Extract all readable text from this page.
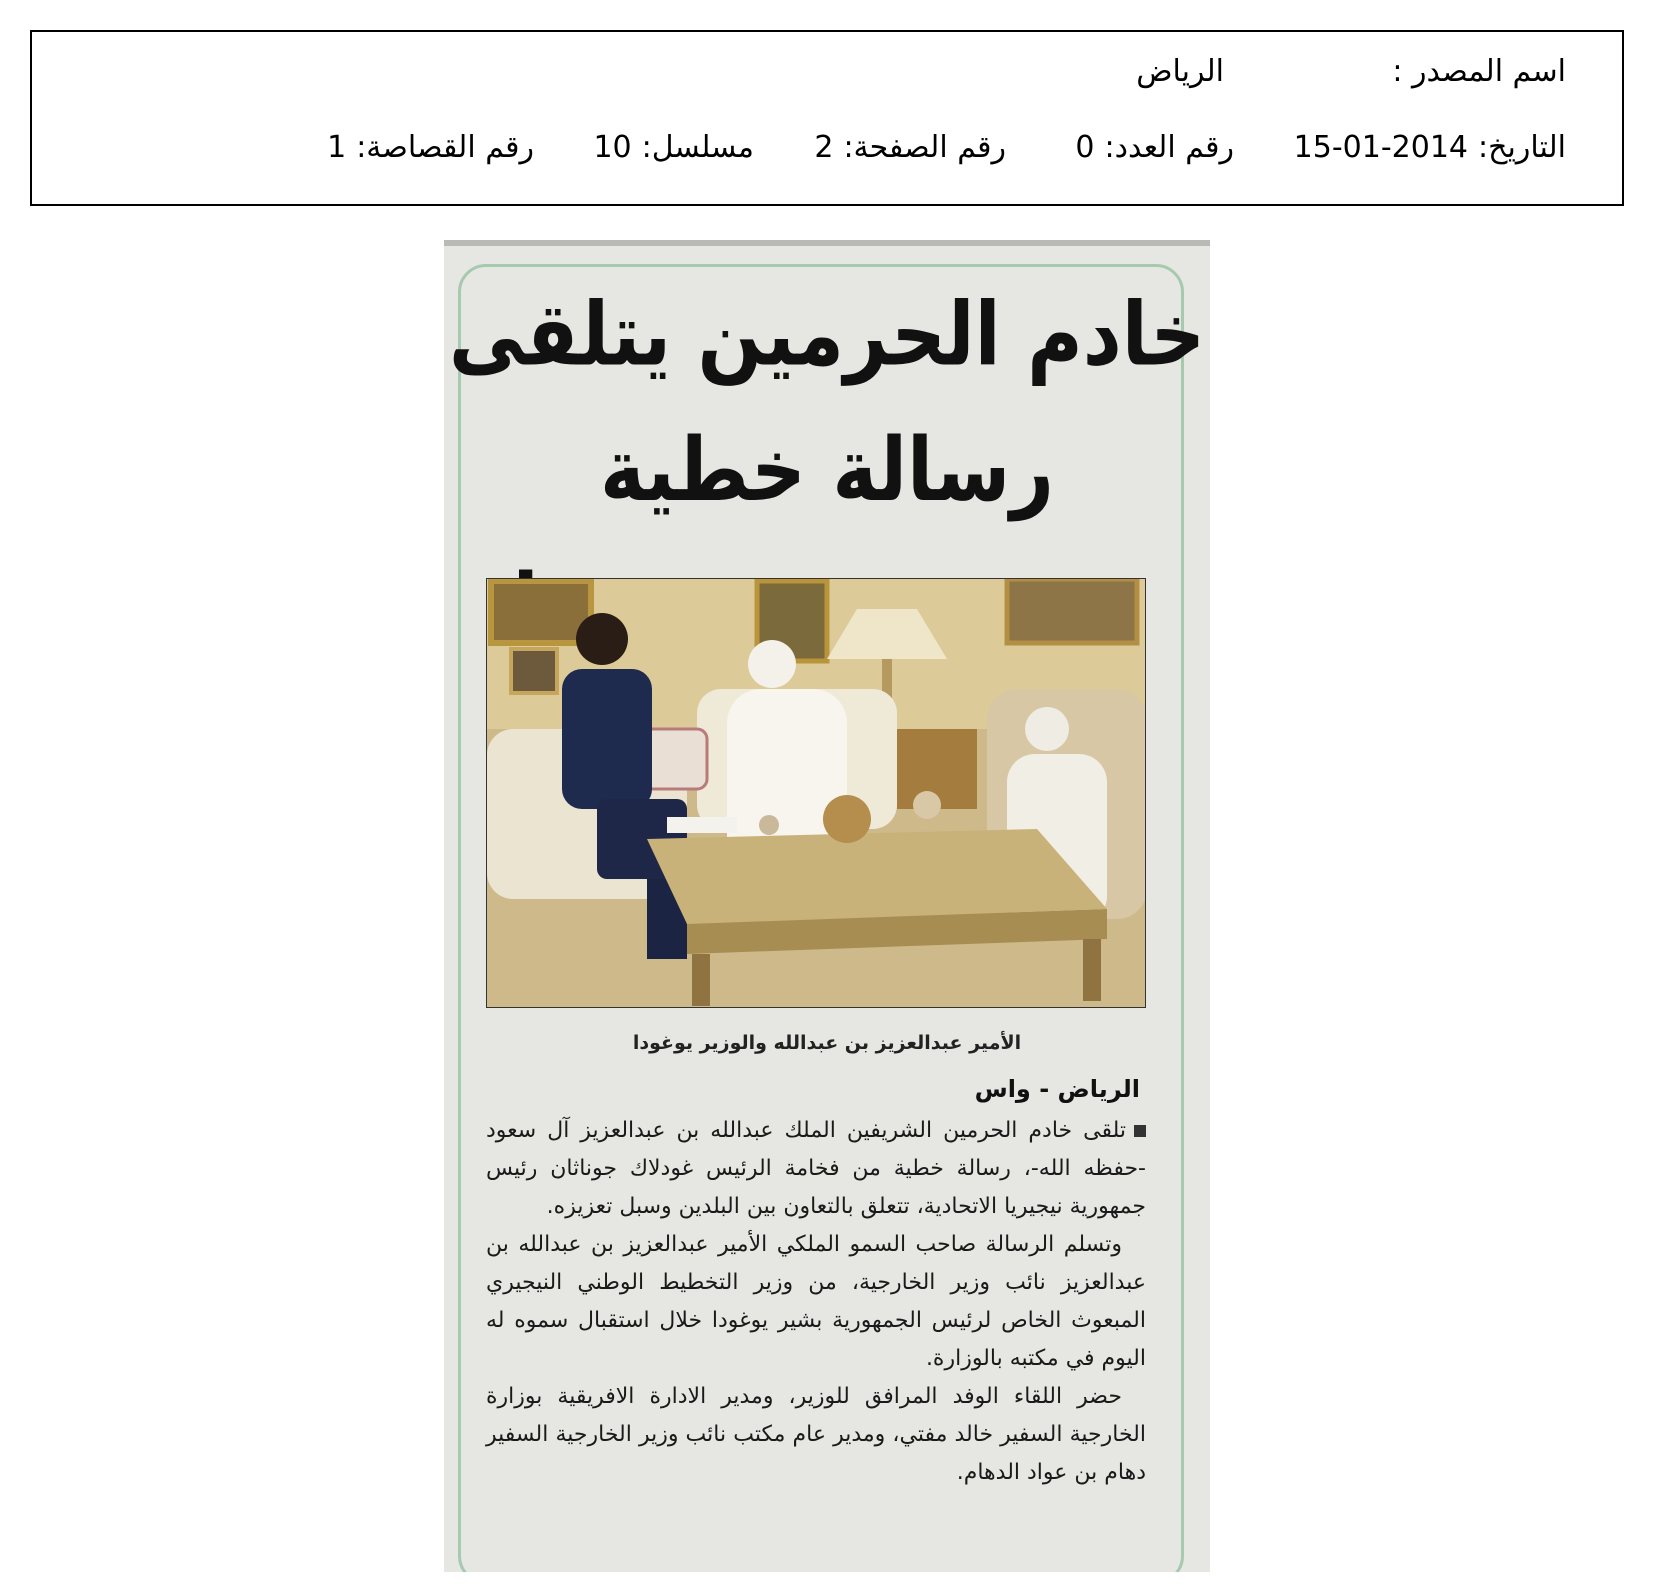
اسم المصدر :
الرياض
التاريخ:2014-01-15
رقم العدد:0
رقم الصفحة:2
مسلسل:10
رقم القصاصة:1
خادم الحرمين يتلقى رسالة خطية
الأمير عبدالعزيز بن عبدالله والوزير يوغودا
الرياض - واس

تلقى خادم الحرمين الشريفين الملك عبدالله بن عبدالعزيز آل سعود -حفظه الله-، رسالة خطية من فخامة الرئيس غودلاك جوناثان رئيس جمهورية نيجيريا الاتحادية، تتعلق بالتعاون بين البلدين وسبل تعزيزه.

وتسلم الرسالة صاحب السمو الملكي الأمير عبدالعزيز بن عبدالله بن عبدالعزيز نائب وزير الخارجية، من وزير التخطيط الوطني النيجيري المبعوث الخاص لرئيس الجمهورية بشير يوغودا خلال استقبال سموه له اليوم في مكتبه بالوزارة.

حضر اللقاء الوفد المرافق للوزير، ومدير الادارة الافريقية بوزارة الخارجية السفير خالد مفتي، ومدير عام مكتب نائب وزير الخارجية السفير دهام بن عواد الدهام.
